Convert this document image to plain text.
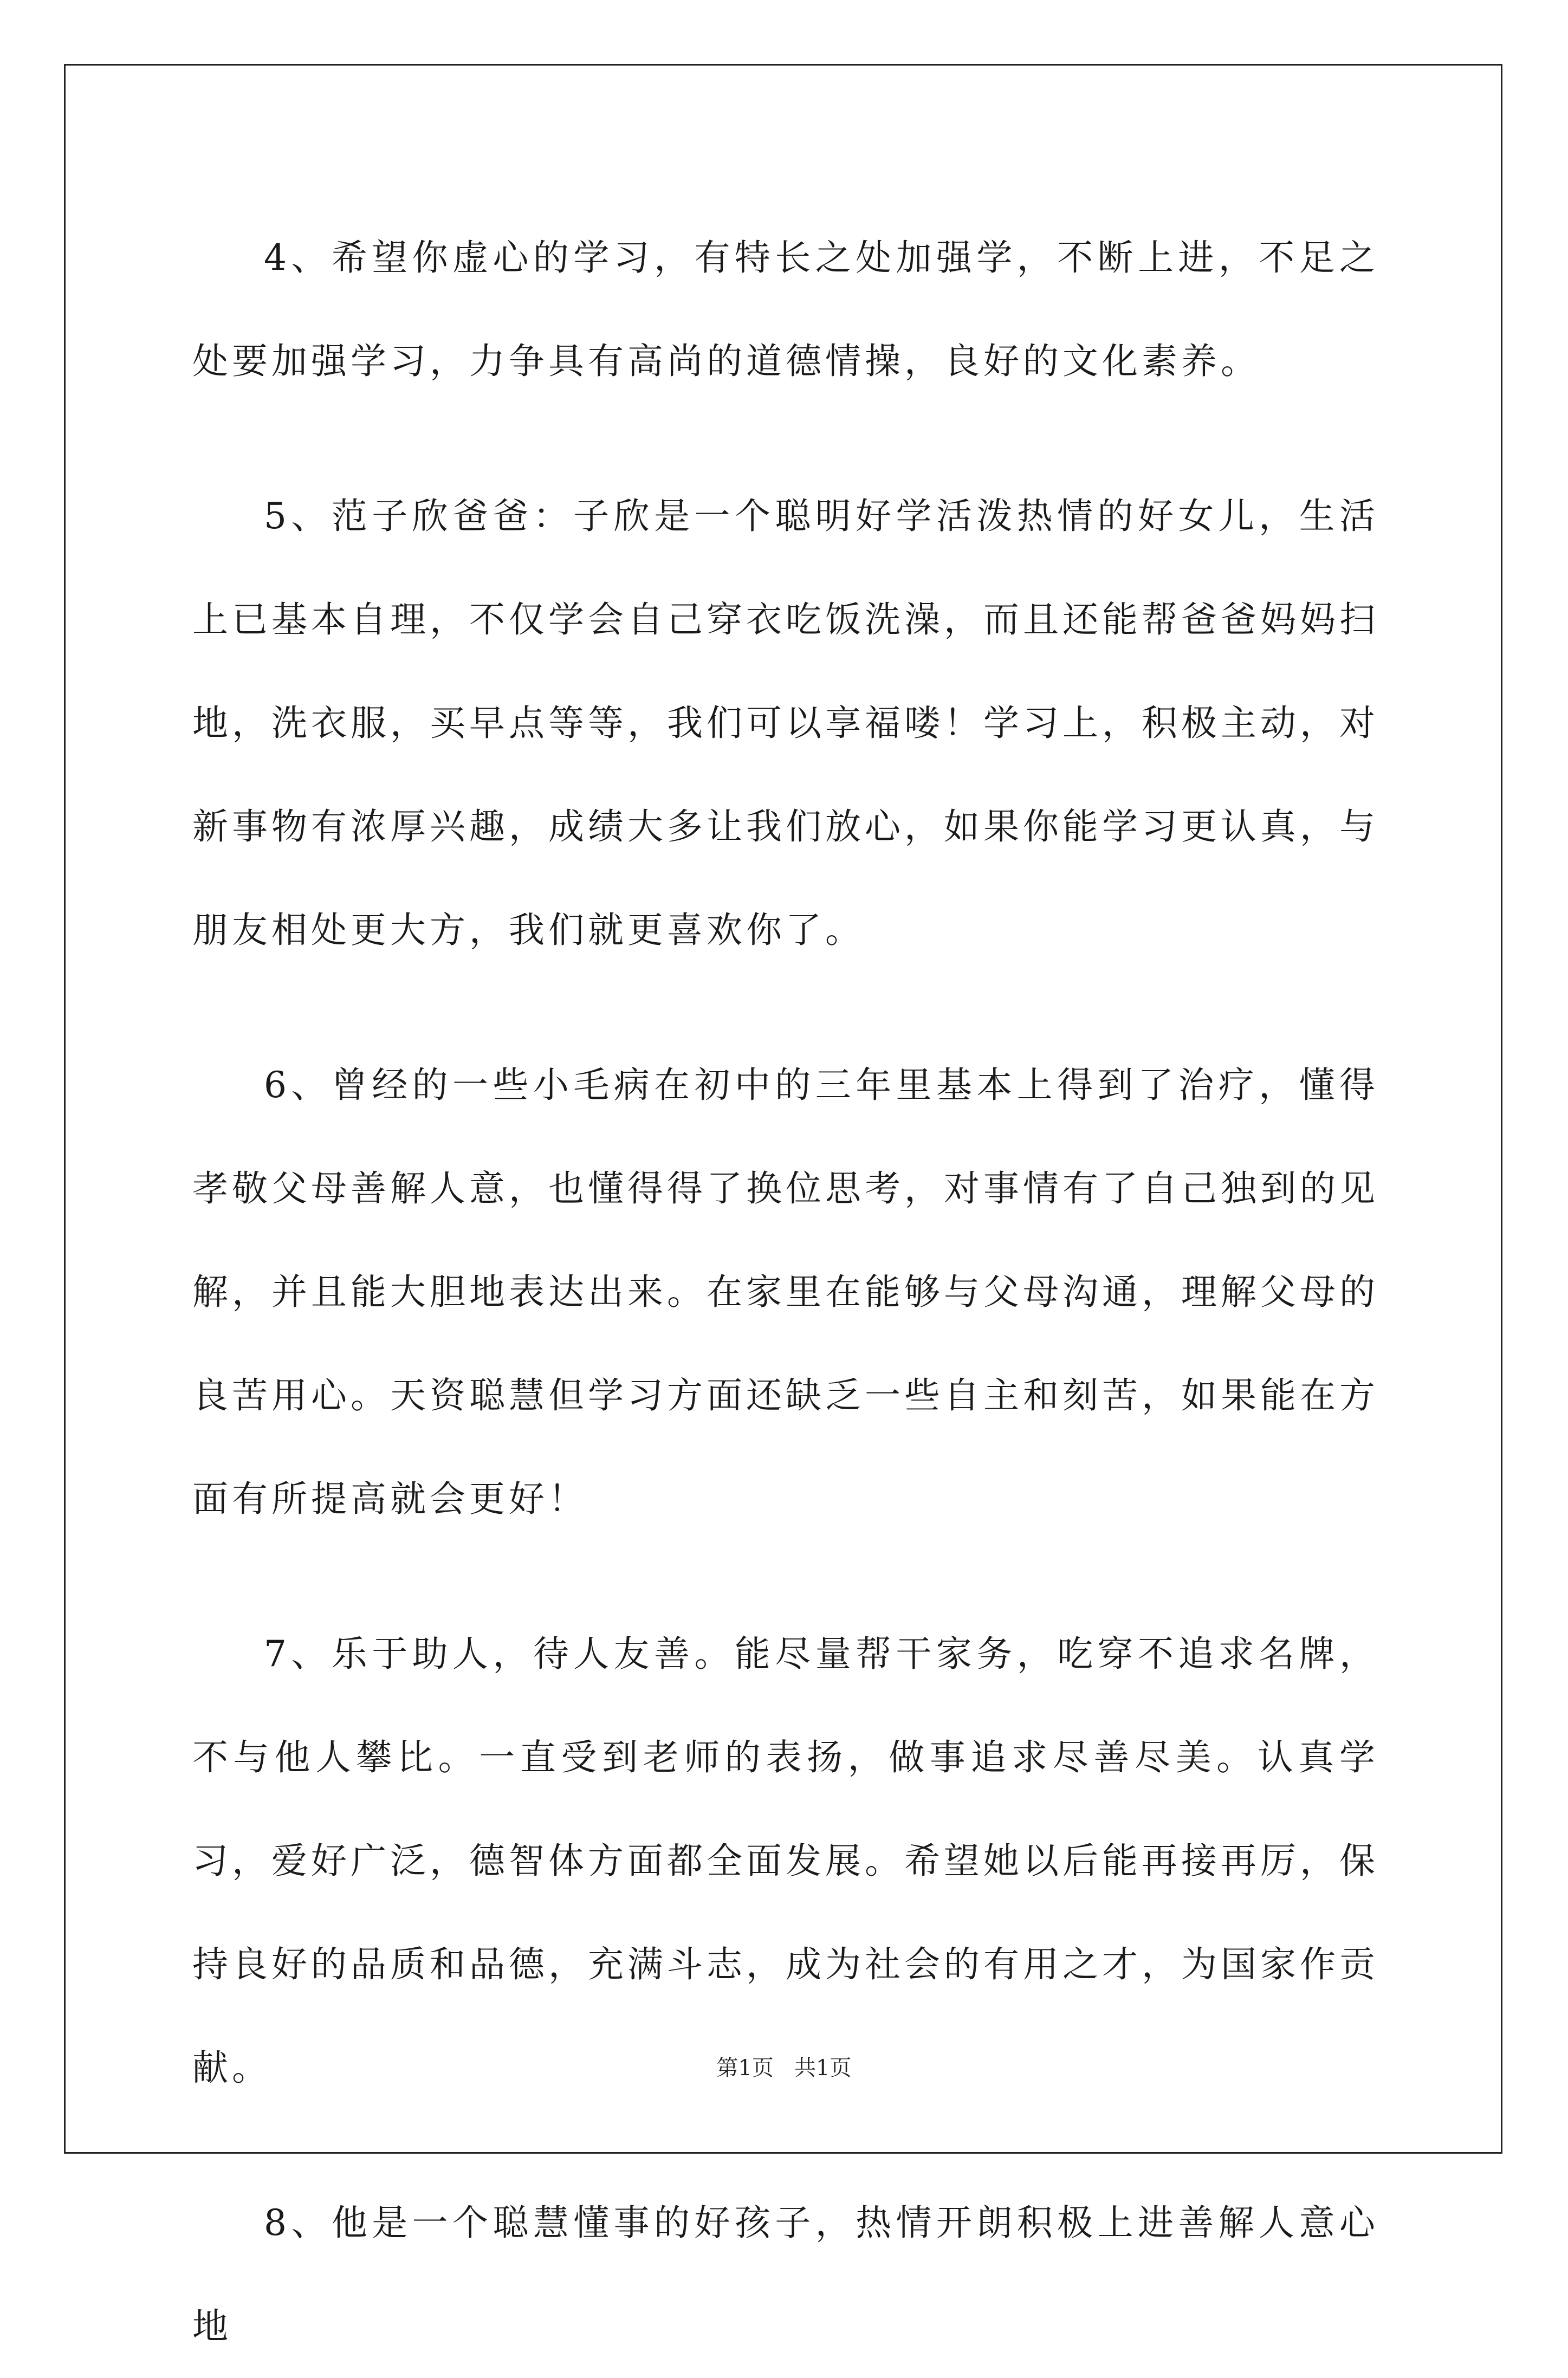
4、希望你虚心的学习，有特长之处加强学，不断上进，不足之处要加强学习，力争具有高尚的道德情操，良好的文化素养。

5、范子欣爸爸：子欣是一个聪明好学活泼热情的好女儿，生活上已基本自理，不仅学会自己穿衣吃饭洗澡，而且还能帮爸爸妈妈扫地，洗衣服，买早点等等，我们可以享福喽！学习上，积极主动，对新事物有浓厚兴趣，成绩大多让我们放心，如果你能学习更认真，与朋友相处更大方，我们就更喜欢你了。

6、曾经的一些小毛病在初中的三年里基本上得到了治疗，懂得孝敬父母善解人意，也懂得得了换位思考，对事情有了自己独到的见解，并且能大胆地表达出来。在家里在能够与父母沟通，理解父母的良苦用心。天资聪慧但学习方面还缺乏一些自主和刻苦，如果能在方面有所提高就会更好！

7、乐于助人，待人友善。能尽量帮干家务，吃穿不追求名牌，不与他人攀比。一直受到老师的表扬，做事追求尽善尽美。认真学习，爱好广泛，德智体方面都全面发展。希望她以后能再接再厉，保持良好的品质和品德，充满斗志，成为社会的有用之才，为国家作贡献。

8、他是一个聪慧懂事的好孩子，热情开朗积极上进善解人意心地

第1页   共1页
